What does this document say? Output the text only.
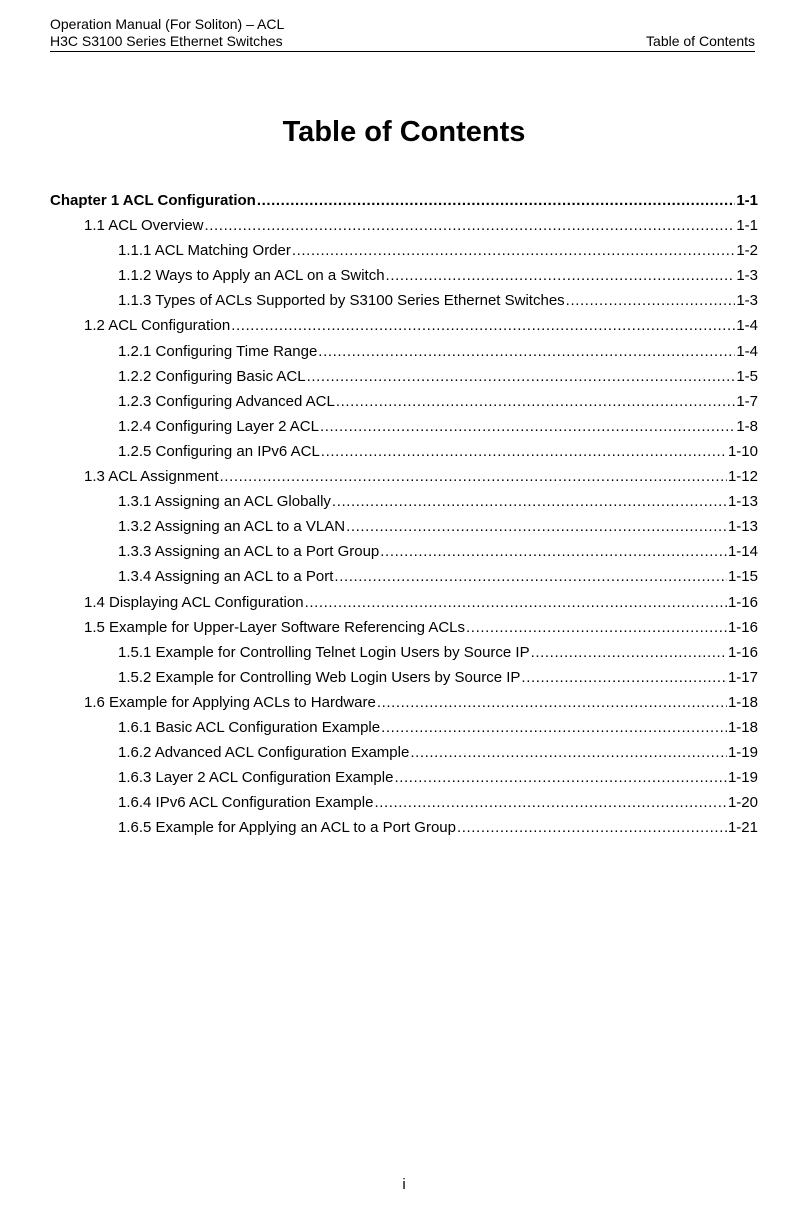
Operation Manual (For Soliton) – ACL
H3C S3100 Series Ethernet Switches	Table of Contents
Table of Contents
Chapter 1 ACL Configuration .....	1-1
1.1 ACL Overview .....	1-1
1.1.1 ACL Matching Order .....	1-2
1.1.2 Ways to Apply an ACL on a Switch .....	1-3
1.1.3 Types of ACLs Supported by S3100 Series Ethernet Switches .....	1-3
1.2 ACL Configuration .....	1-4
1.2.1 Configuring Time Range .....	1-4
1.2.2 Configuring Basic ACL .....	1-5
1.2.3 Configuring Advanced ACL .....	1-7
1.2.4 Configuring Layer 2 ACL .....	1-8
1.2.5 Configuring an IPv6 ACL .....	1-10
1.3 ACL Assignment .....	1-12
1.3.1 Assigning an ACL Globally .....	1-13
1.3.2 Assigning an ACL to a VLAN .....	1-13
1.3.3 Assigning an ACL to a Port Group .....	1-14
1.3.4 Assigning an ACL to a Port .....	1-15
1.4 Displaying ACL Configuration .....	1-16
1.5 Example for Upper-Layer Software Referencing ACLs .....	1-16
1.5.1 Example for Controlling Telnet Login Users by Source IP .....	1-16
1.5.2 Example for Controlling Web Login Users by Source IP .....	1-17
1.6 Example for Applying ACLs to Hardware .....	1-18
1.6.1 Basic ACL Configuration Example .....	1-18
1.6.2 Advanced ACL Configuration Example .....	1-19
1.6.3 Layer 2 ACL Configuration Example .....	1-19
1.6.4 IPv6 ACL Configuration Example .....	1-20
1.6.5 Example for Applying an ACL to a Port Group .....	1-21
i
